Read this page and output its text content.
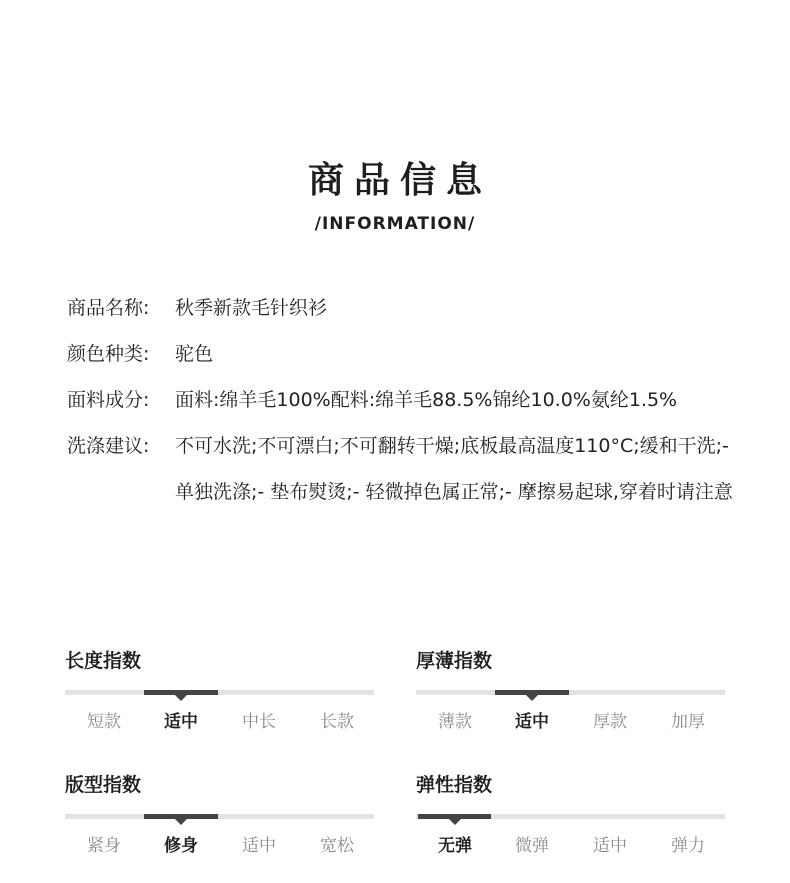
商品信息
/INFORMATION/
商品名称:	秋季新款毛针织衫
颜色种类:	驼色
面料成分:	面料:绵羊毛100%配料:绵羊毛88.5%锦纶10.0%氨纶1.5%
洗涤建议:	不可水洗;不可漂白;不可翻转干燥;底板最高温度110°C;缓和干洗;- 单独洗涤;- 垫布熨烫;- 轻微掉色属正常;- 摩擦易起球,穿着时请注意
长度指数
短款	适中	中长	长款
厚薄指数
薄款	适中	厚款	加厚
版型指数
紧身	修身	适中	宽松
弹性指数
无弹	微弹	适中	弹力
